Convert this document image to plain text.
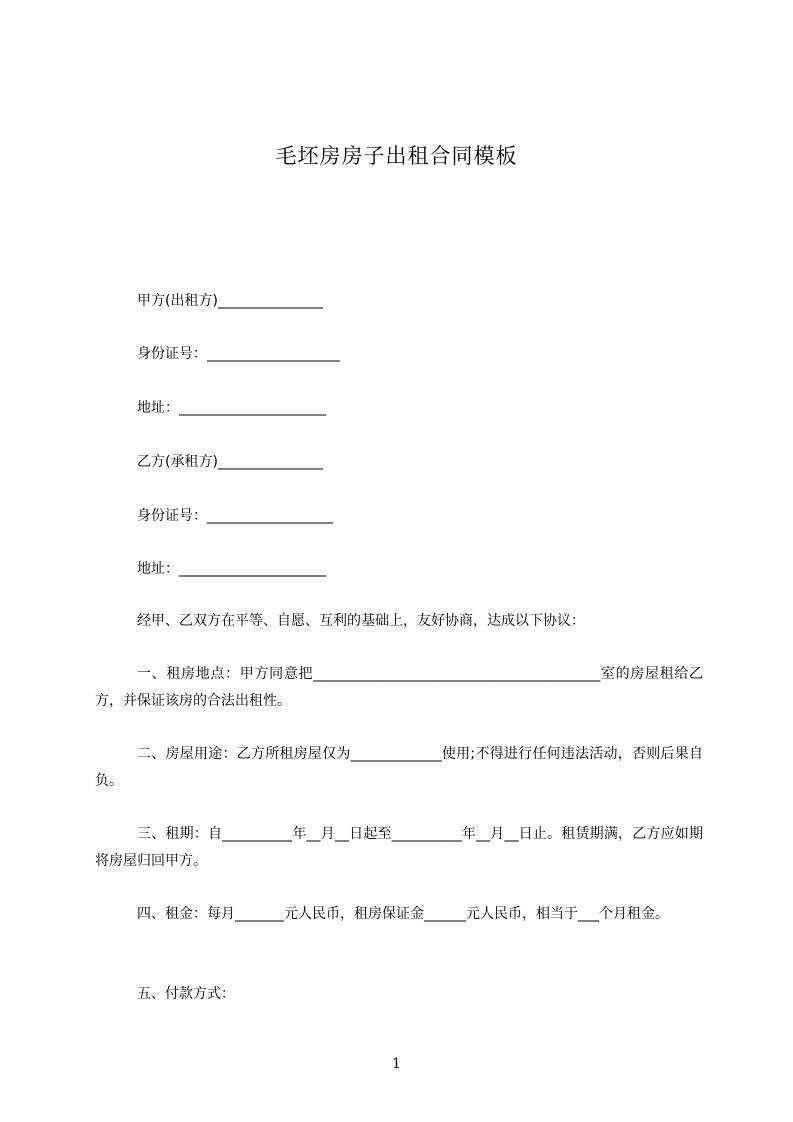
毛坯房房子出租合同模板
甲方(出租方)_______________
身份证号：___________________
地址：_____________________
乙方(承租方)_______________
身份证号：__________________
地址：_____________________
经甲、乙双方在平等、自愿、互利的基础上，友好协商，达成以下协议：
一、租房地点：甲方同意把_________________________________________室的房屋租给乙方，并保证该房的合法出租性。
二、房屋用途：乙方所租房屋仅为_____________使用;不得进行任何违法活动，否则后果自负。
三、租期：自__________年__月__日起至__________年__月__日止。租赁期满，乙方应如期将房屋归回甲方。
四、租金：每月_______元人民币，租房保证金______元人民币，相当于___个月租金。
五、付款方式：
1
